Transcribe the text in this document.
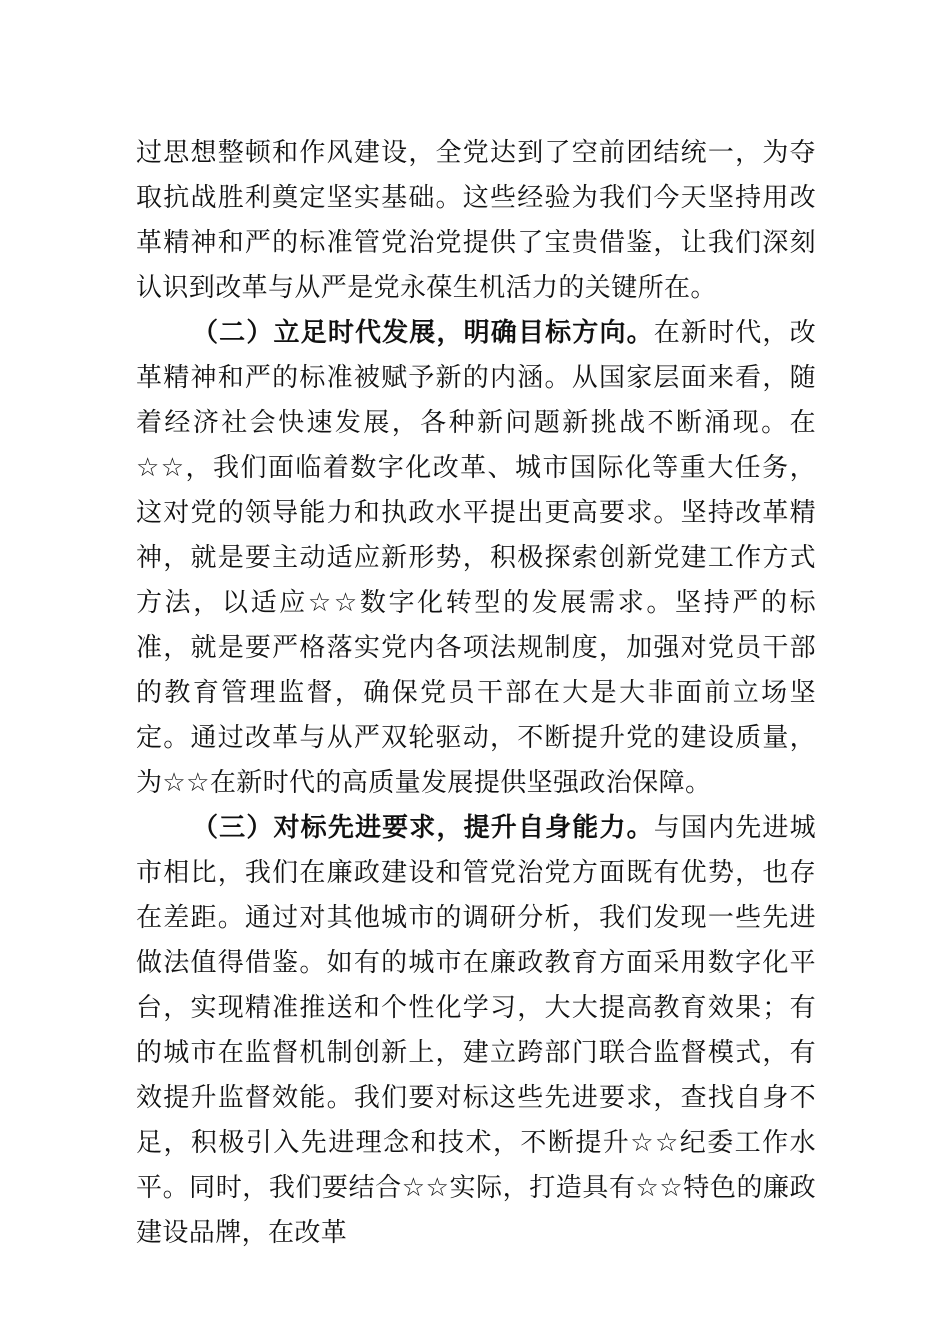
过思想整顿和作风建设，全党达到了空前团结统一，为夺取抗战胜利奠定坚实基础。这些经验为我们今天坚持用改革精神和严的标准管党治党提供了宝贵借鉴，让我们深刻认识到改革与从严是党永葆生机活力的关键所在。

（二）立足时代发展，明确目标方向。在新时代，改革精神和严的标准被赋予新的内涵。从国家层面来看，随着经济社会快速发展，各种新问题新挑战不断涌现。在☆☆，我们面临着数字化改革、城市国际化等重大任务，这对党的领导能力和执政水平提出更高要求。坚持改革精神，就是要主动适应新形势，积极探索创新党建工作方式方法，以适应☆☆数字化转型的发展需求。坚持严的标准，就是要严格落实党内各项法规制度，加强对党员干部的教育管理监督，确保党员干部在大是大非面前立场坚定。通过改革与从严双轮驱动，不断提升党的建设质量，为☆☆在新时代的高质量发展提供坚强政治保障。

（三）对标先进要求，提升自身能力。与国内先进城市相比，我们在廉政建设和管党治党方面既有优势，也存在差距。通过对其他城市的调研分析，我们发现一些先进做法值得借鉴。如有的城市在廉政教育方面采用数字化平台，实现精准推送和个性化学习，大大提高教育效果；有的城市在监督机制创新上，建立跨部门联合监督模式，有效提升监督效能。我们要对标这些先进要求，查找自身不足，积极引入先进理念和技术，不断提升☆☆纪委工作水平。同时，我们要结合☆☆实际，打造具有☆☆特色的廉政建设品牌，在改革
